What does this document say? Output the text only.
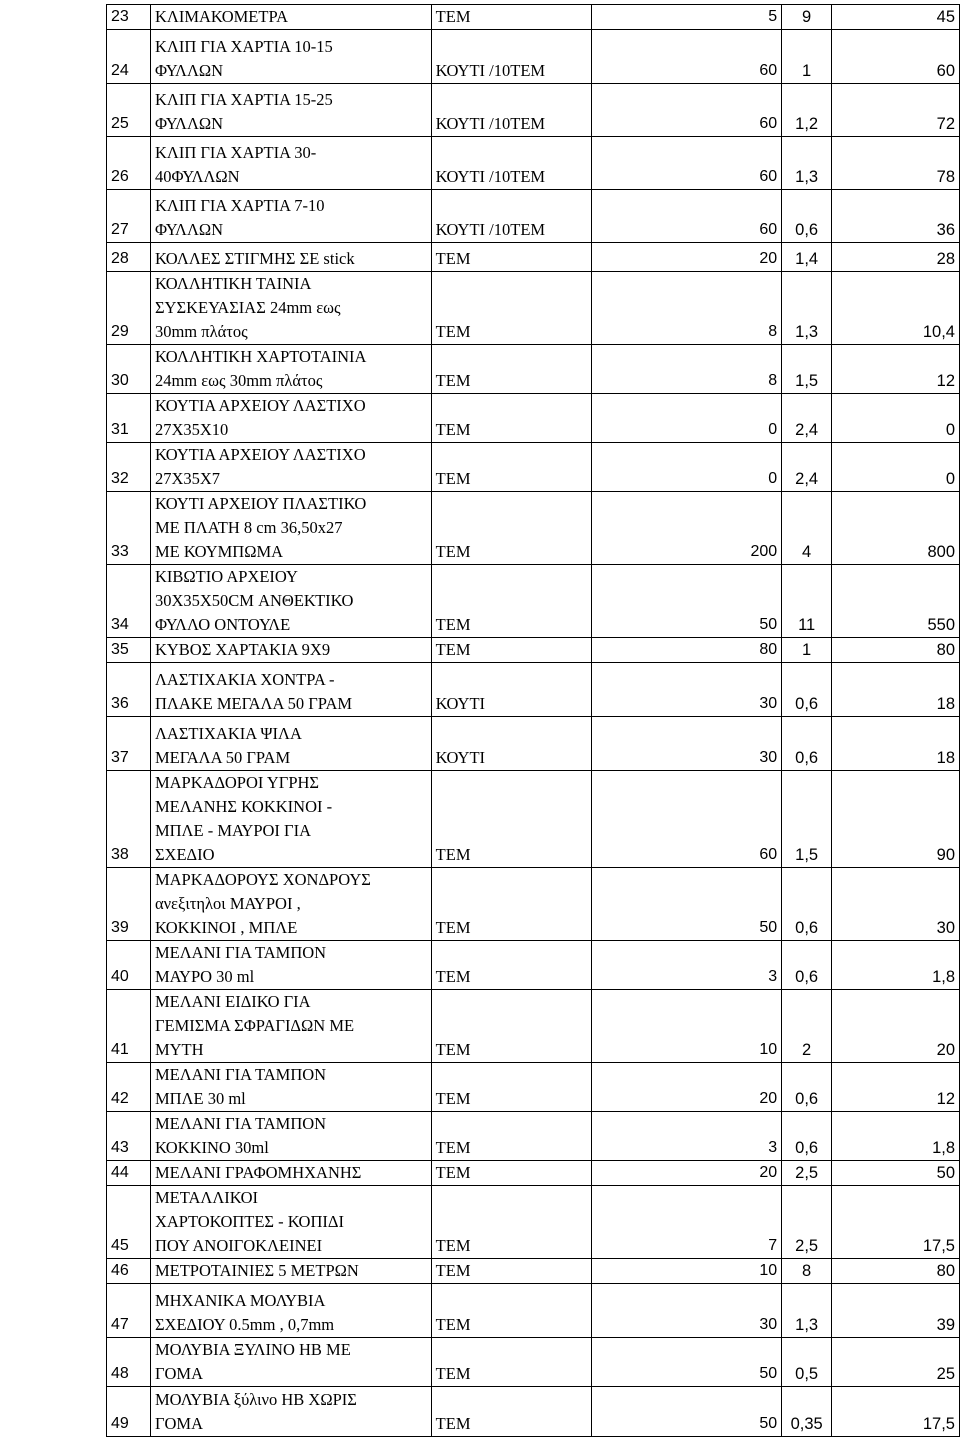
23	ΚΛΙΜΑΚΟΜΕΤΡΑ	ΤΕΜ	5	9	45
24	ΚΛΙΠ ΓΙΑ ΧΑΡΤΙΑ 10-15
ΦΥΛΛΩΝ	ΚΟΥΤΙ /10ΤΕΜ	60	1	60
25	ΚΛΙΠ ΓΙΑ ΧΑΡΤΙΑ 15-25
ΦΥΛΛΩΝ	ΚΟΥΤΙ /10ΤΕΜ	60	1,2	72
26	ΚΛΙΠ ΓΙΑ ΧΑΡΤΙΑ 30-
40ΦΥΛΛΩΝ	ΚΟΥΤΙ /10ΤΕΜ	60	1,3	78
27	ΚΛΙΠ ΓΙΑ ΧΑΡΤΙΑ 7-10
ΦΥΛΛΩΝ	ΚΟΥΤΙ /10ΤΕΜ	60	0,6	36
28	ΚΟΛΛΕΣ ΣΤΙΓΜΗΣ ΣΕ stick	ΤΕΜ	20	1,4	28
29	ΚΟΛΛΗΤΙΚΗ ΤΑΙΝΙΑ
ΣΥΣΚΕΥΑΣΙΑΣ 24mm εως
30mm πλάτος	ΤΕΜ	8	1,3	10,4
30	ΚΟΛΛΗΤΙΚΗ ΧΑΡΤΟΤΑΙΝΙΑ
24mm εως 30mm πλάτος	ΤΕΜ	8	1,5	12
31	ΚΟΥΤΙΑ ΑΡΧΕΙΟΥ ΛΑΣΤΙΧΟ
27Χ35Χ10	ΤΕΜ	0	2,4	0
32	ΚΟΥΤΙΑ ΑΡΧΕΙΟΥ ΛΑΣΤΙΧΟ
27Χ35Χ7	ΤΕΜ	0	2,4	0
33	ΚΟΥΤΙ ΑΡΧΕΙΟΥ ΠΛΑΣΤΙΚΟ
ΜΕ ΠΛΑΤΗ 8 cm 36,50x27
ΜΕ ΚΟΥΜΠΩΜΑ	ΤΕΜ	200	4	800
34	ΚΙΒΩΤΙΟ ΑΡΧΕΙΟΥ
30Χ35Χ50CM ΑΝΘΕΚΤΙΚΟ
ΦΥΛΛΟ ΟΝΤΟΥΛΕ	ΤΕΜ	50	11	550
35	ΚΥΒΟΣ ΧΑΡΤΑΚΙΑ 9Χ9	ΤΕΜ	80	1	80
36	ΛΑΣΤΙΧΑΚΙΑ ΧΟΝΤΡΑ -
ΠΛΑΚΕ ΜΕΓΑΛΑ 50 ΓΡΑΜ	ΚΟΥΤΙ	30	0,6	18
37	ΛΑΣΤΙΧΑΚΙΑ ΨΙΛΑ
ΜΕΓΑΛΑ 50 ΓΡΑΜ	ΚΟΥΤΙ	30	0,6	18
38	ΜΑΡΚΑΔΟΡΟΙ ΥΓΡΗΣ
ΜΕΛΑΝΗΣ ΚΟΚΚΙΝΟΙ -
ΜΠΛΕ - ΜΑΥΡΟΙ ΓΙΑ
ΣΧΕΔΙΟ	ΤΕΜ	60	1,5	90
39	ΜΑΡΚΑΔΟΡΟΥΣ ΧΟΝΔΡΟΥΣ
ανεξιτηλοι ΜΑΥΡΟΙ ,
ΚΟΚΚΙΝΟΙ , ΜΠΛΕ	ΤΕΜ	50	0,6	30
40	ΜΕΛΑΝΙ ΓΙΑ ΤΑΜΠΟΝ
ΜΑΥΡΟ 30 ml	ΤΕΜ	3	0,6	1,8
41	ΜΕΛΑΝΙ ΕΙΔΙΚΟ ΓΙΑ
ΓΕΜΙΣΜΑ ΣΦΡΑΓΙΔΩΝ ΜΕ
ΜΥΤΗ	ΤΕΜ	10	2	20
42	ΜΕΛΑΝΙ ΓΙΑ ΤΑΜΠΟΝ
ΜΠΛΕ 30 ml	ΤΕΜ	20	0,6	12
43	ΜΕΛΑΝΙ ΓΙΑ ΤΑΜΠΟΝ
ΚΟΚΚΙΝΟ 30ml	ΤΕΜ	3	0,6	1,8
44	ΜΕΛΑΝΙ ΓΡΑΦΟΜΗΧΑΝΗΣ	ΤΕΜ	20	2,5	50
45	ΜΕΤΑΛΛΙΚΟΙ
ΧΑΡΤΟΚΟΠΤΕΣ - ΚΟΠΙΔΙ
ΠΟΥ ΑΝΟΙΓΟΚΛΕΙΝΕΙ	ΤΕΜ	7	2,5	17,5
46	ΜΕΤΡΟΤΑΙΝΙΕΣ 5 ΜΕΤΡΩΝ	ΤΕΜ	10	8	80
47	ΜΗΧΑΝΙΚΑ ΜΟΛΥΒΙΑ
ΣΧΕΔΙΟΥ 0.5mm , 0,7mm	ΤΕΜ	30	1,3	39
48	ΜΟΛΥΒΙΑ ΞΥΛΙΝΟ ΗΒ ΜΕ
ΓΟΜΑ	ΤΕΜ	50	0,5	25
49	ΜΟΛΥΒΙΑ ξύλινο ΗΒ ΧΩΡΙΣ
ΓΟΜΑ	ΤΕΜ	50	0,35	17,5
